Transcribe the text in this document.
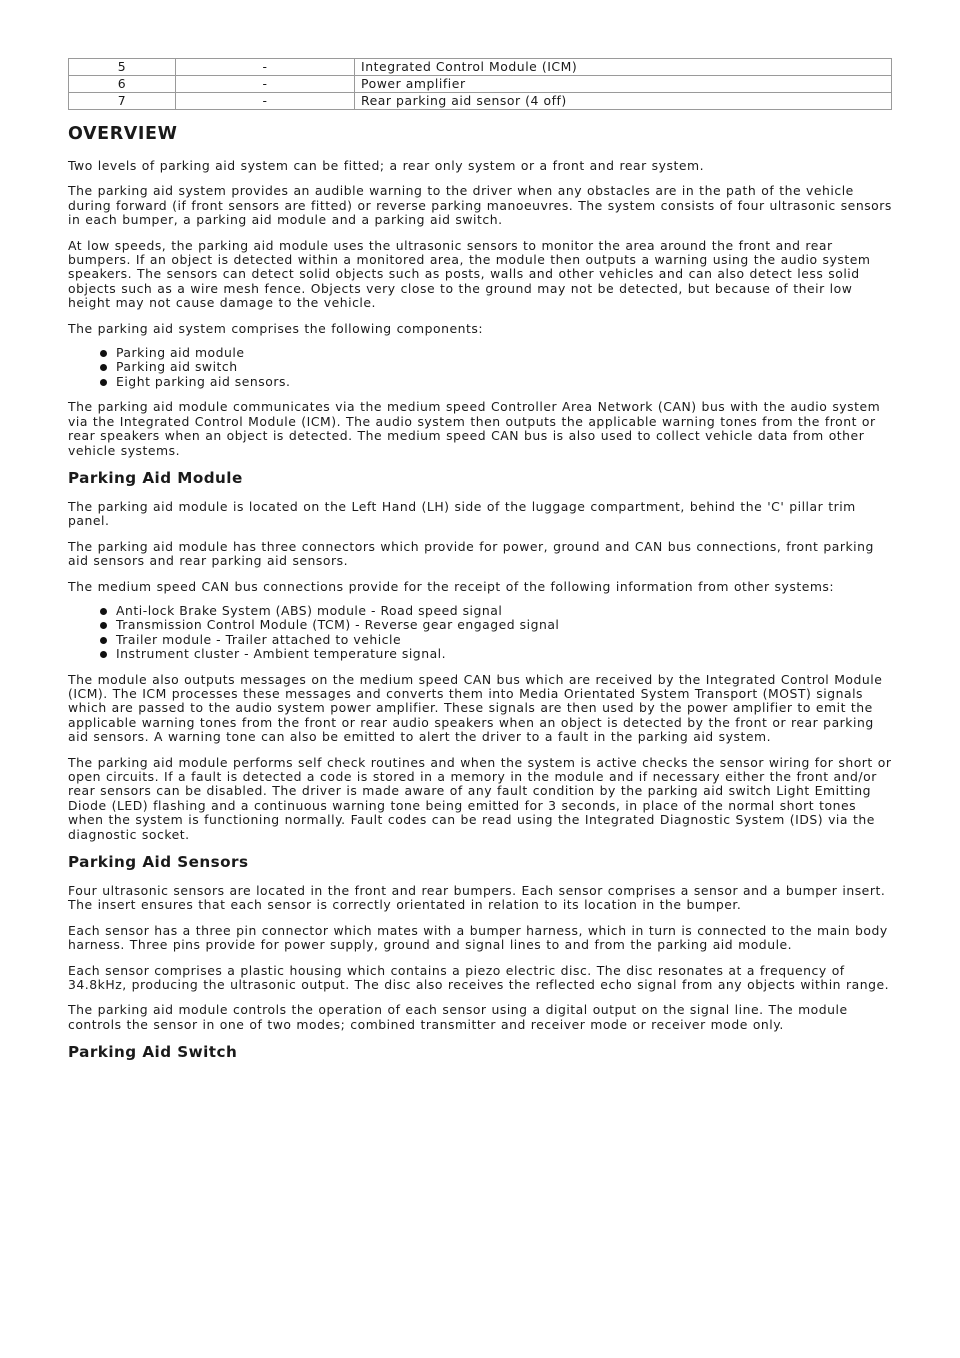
5	-	Integrated Control Module (ICM)
6	-	Power amplifier
7	-	Rear parking aid sensor (4 off)
OVERVIEW

Two levels of parking aid system can be fitted; a rear only system or a front and rear system.

The parking aid system provides an audible warning to the driver when any obstacles are in the path of the vehicle during forward (if front sensors are fitted) or reverse parking manoeuvres. The system consists of four ultrasonic sensors in each bumper, a parking aid module and a parking aid switch.

At low speeds, the parking aid module uses the ultrasonic sensors to monitor the area around the front and rear bumpers. If an object is detected within a monitored area, the module then outputs a warning using the audio system speakers. The sensors can detect solid objects such as posts, walls and other vehicles and can also detect less solid objects such as a wire mesh fence. Objects very close to the ground may not be detected, but because of their low height may not cause damage to the vehicle.

The parking aid system comprises the following components:

Parking aid module
Parking aid switch
Eight parking aid sensors.

The parking aid module communicates via the medium speed Controller Area Network (CAN) bus with the audio system via the Integrated Control Module (ICM). The audio system then outputs the applicable warning tones from the front or rear speakers when an object is detected. The medium speed CAN bus is also used to collect vehicle data from other vehicle systems.

Parking Aid Module

The parking aid module is located on the Left Hand (LH) side of the luggage compartment, behind the 'C' pillar trim panel.

The parking aid module has three connectors which provide for power, ground and CAN bus connections, front parking aid sensors and rear parking aid sensors.

The medium speed CAN bus connections provide for the receipt of the following information from other systems:

Anti-lock Brake System (ABS) module - Road speed signal
Transmission Control Module (TCM) - Reverse gear engaged signal
Trailer module - Trailer attached to vehicle
Instrument cluster - Ambient temperature signal.

The module also outputs messages on the medium speed CAN bus which are received by the Integrated Control Module (ICM). The ICM processes these messages and converts them into Media Orientated System Transport (MOST) signals which are passed to the audio system power amplifier. These signals are then used by the power amplifier to emit the applicable warning tones from the front or rear audio speakers when an object is detected by the front or rear parking aid sensors. A warning tone can also be emitted to alert the driver to a fault in the parking aid system.

The parking aid module performs self check routines and when the system is active checks the sensor wiring for short or open circuits. If a fault is detected a code is stored in a memory in the module and if necessary either the front and/or rear sensors can be disabled. The driver is made aware of any fault condition by the parking aid switch Light Emitting Diode (LED) flashing and a continuous warning tone being emitted for 3 seconds, in place of the normal short tones when the system is functioning normally. Fault codes can be read using the Integrated Diagnostic System (IDS) via the diagnostic socket.

Parking Aid Sensors

Four ultrasonic sensors are located in the front and rear bumpers. Each sensor comprises a sensor and a bumper insert. The insert ensures that each sensor is correctly orientated in relation to its location in the bumper.

Each sensor has a three pin connector which mates with a bumper harness, which in turn is connected to the main body harness. Three pins provide for power supply, ground and signal lines to and from the parking aid module.

Each sensor comprises a plastic housing which contains a piezo electric disc. The disc resonates at a frequency of 34.8kHz, producing the ultrasonic output. The disc also receives the reflected echo signal from any objects within range.

The parking aid module controls the operation of each sensor using a digital output on the signal line. The module controls the sensor in one of two modes; combined transmitter and receiver mode or receiver mode only.

Parking Aid Switch
